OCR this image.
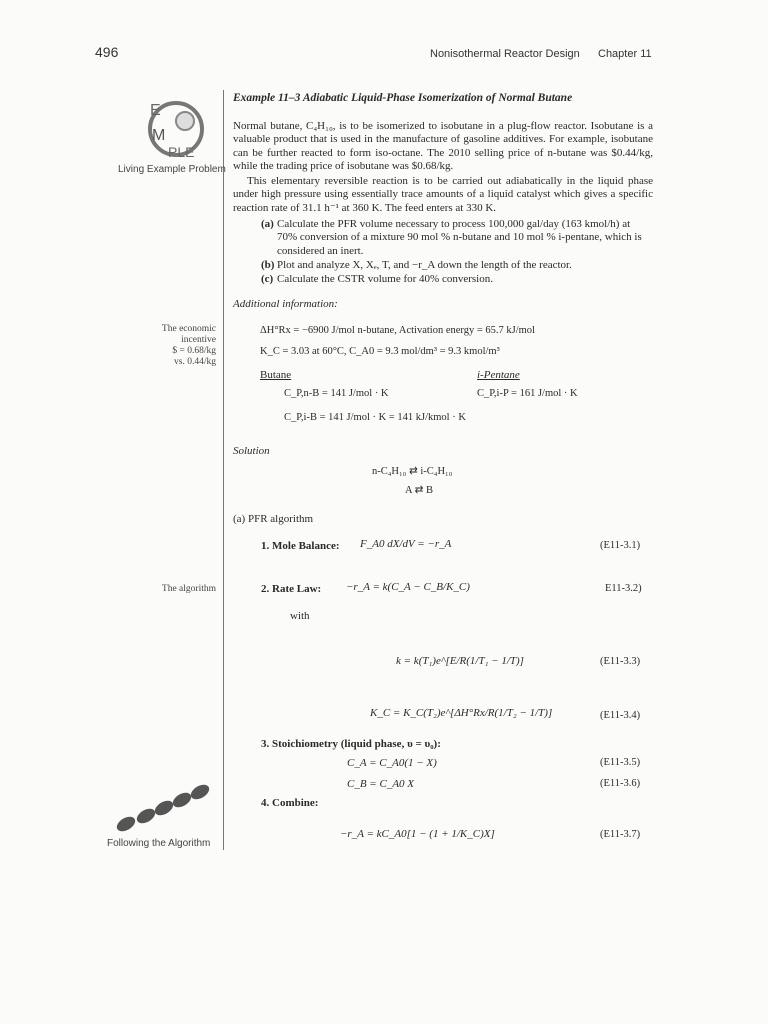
496	Nonisothermal Reactor Design Chapter 11
E
M
PLE
Living Example Problem
The economic
incentive
$ = 0.68/kg
vs. 0.44/kg
The algorithm
Following the Algorithm
Example 11–3 Adiabatic Liquid-Phase Isomerization of Normal Butane
Normal butane, C₄H₁₀, is to be isomerized to isobutane in a plug-flow reactor. Isobutane is a valuable product that is used in the manufacture of gasoline additives. For example, isobutane can be further reacted to form iso-octane. The 2010 selling price of n-butane was $0.44/kg, while the trading price of isobutane was $0.68/kg.
This elementary reversible reaction is to be carried out adiabatically in the liquid phase under high pressure using essentially trace amounts of a liquid catalyst which gives a specific reaction rate of 31.1 h⁻¹ at 360 K. The feed enters at 330 K.
(a) Calculate the PFR volume necessary to process 100,000 gal/day (163 kmol/h) at 70% conversion of a mixture 90 mol % n-butane and 10 mol % i-pentane, which is considered an inert.
(b) Plot and analyze X, Xₑ, T, and −r_A down the length of the reactor.
(c) Calculate the CSTR volume for 40% conversion.
Additional information:
ΔH°Rx = −6900 J/mol n-butane, Activation energy = 65.7 kJ/mol
K_C = 3.03 at 60°C, C_A0 = 9.3 mol/dm³ = 9.3 kmol/m³
Butane	i-Pentane
C_P,n-B = 141 J/mol · K	C_P,i-P = 161 J/mol · K
C_P,i-B = 141 J/mol · K = 141 kJ/kmol · K
Solution
n-C₄H₁₀ ⇄ i-C₄H₁₀
A ⇄ B
(a) PFR algorithm
1. Mole Balance: F_A0 dX/dV = −r_A	(E11-3.1)
2. Rate Law: −r_A = k(C_A − C_B/K_C)	E11-3.2)
with
k = k(T₁)e^[E/R(1/T₁ − 1/T)]	(E11-3.3)
K_C = K_C(T₂)e^[ΔH°Rx/R(1/T₂ − 1/T)]	(E11-3.4)
3. Stoichiometry (liquid phase, υ = υ₀):
C_A = C_A0(1 − X)	(E11-3.5)
C_B = C_A0 X	(E11-3.6)
4. Combine:
−r_A = kC_A0[1 − (1 + 1/K_C)X]	(E11-3.7)
